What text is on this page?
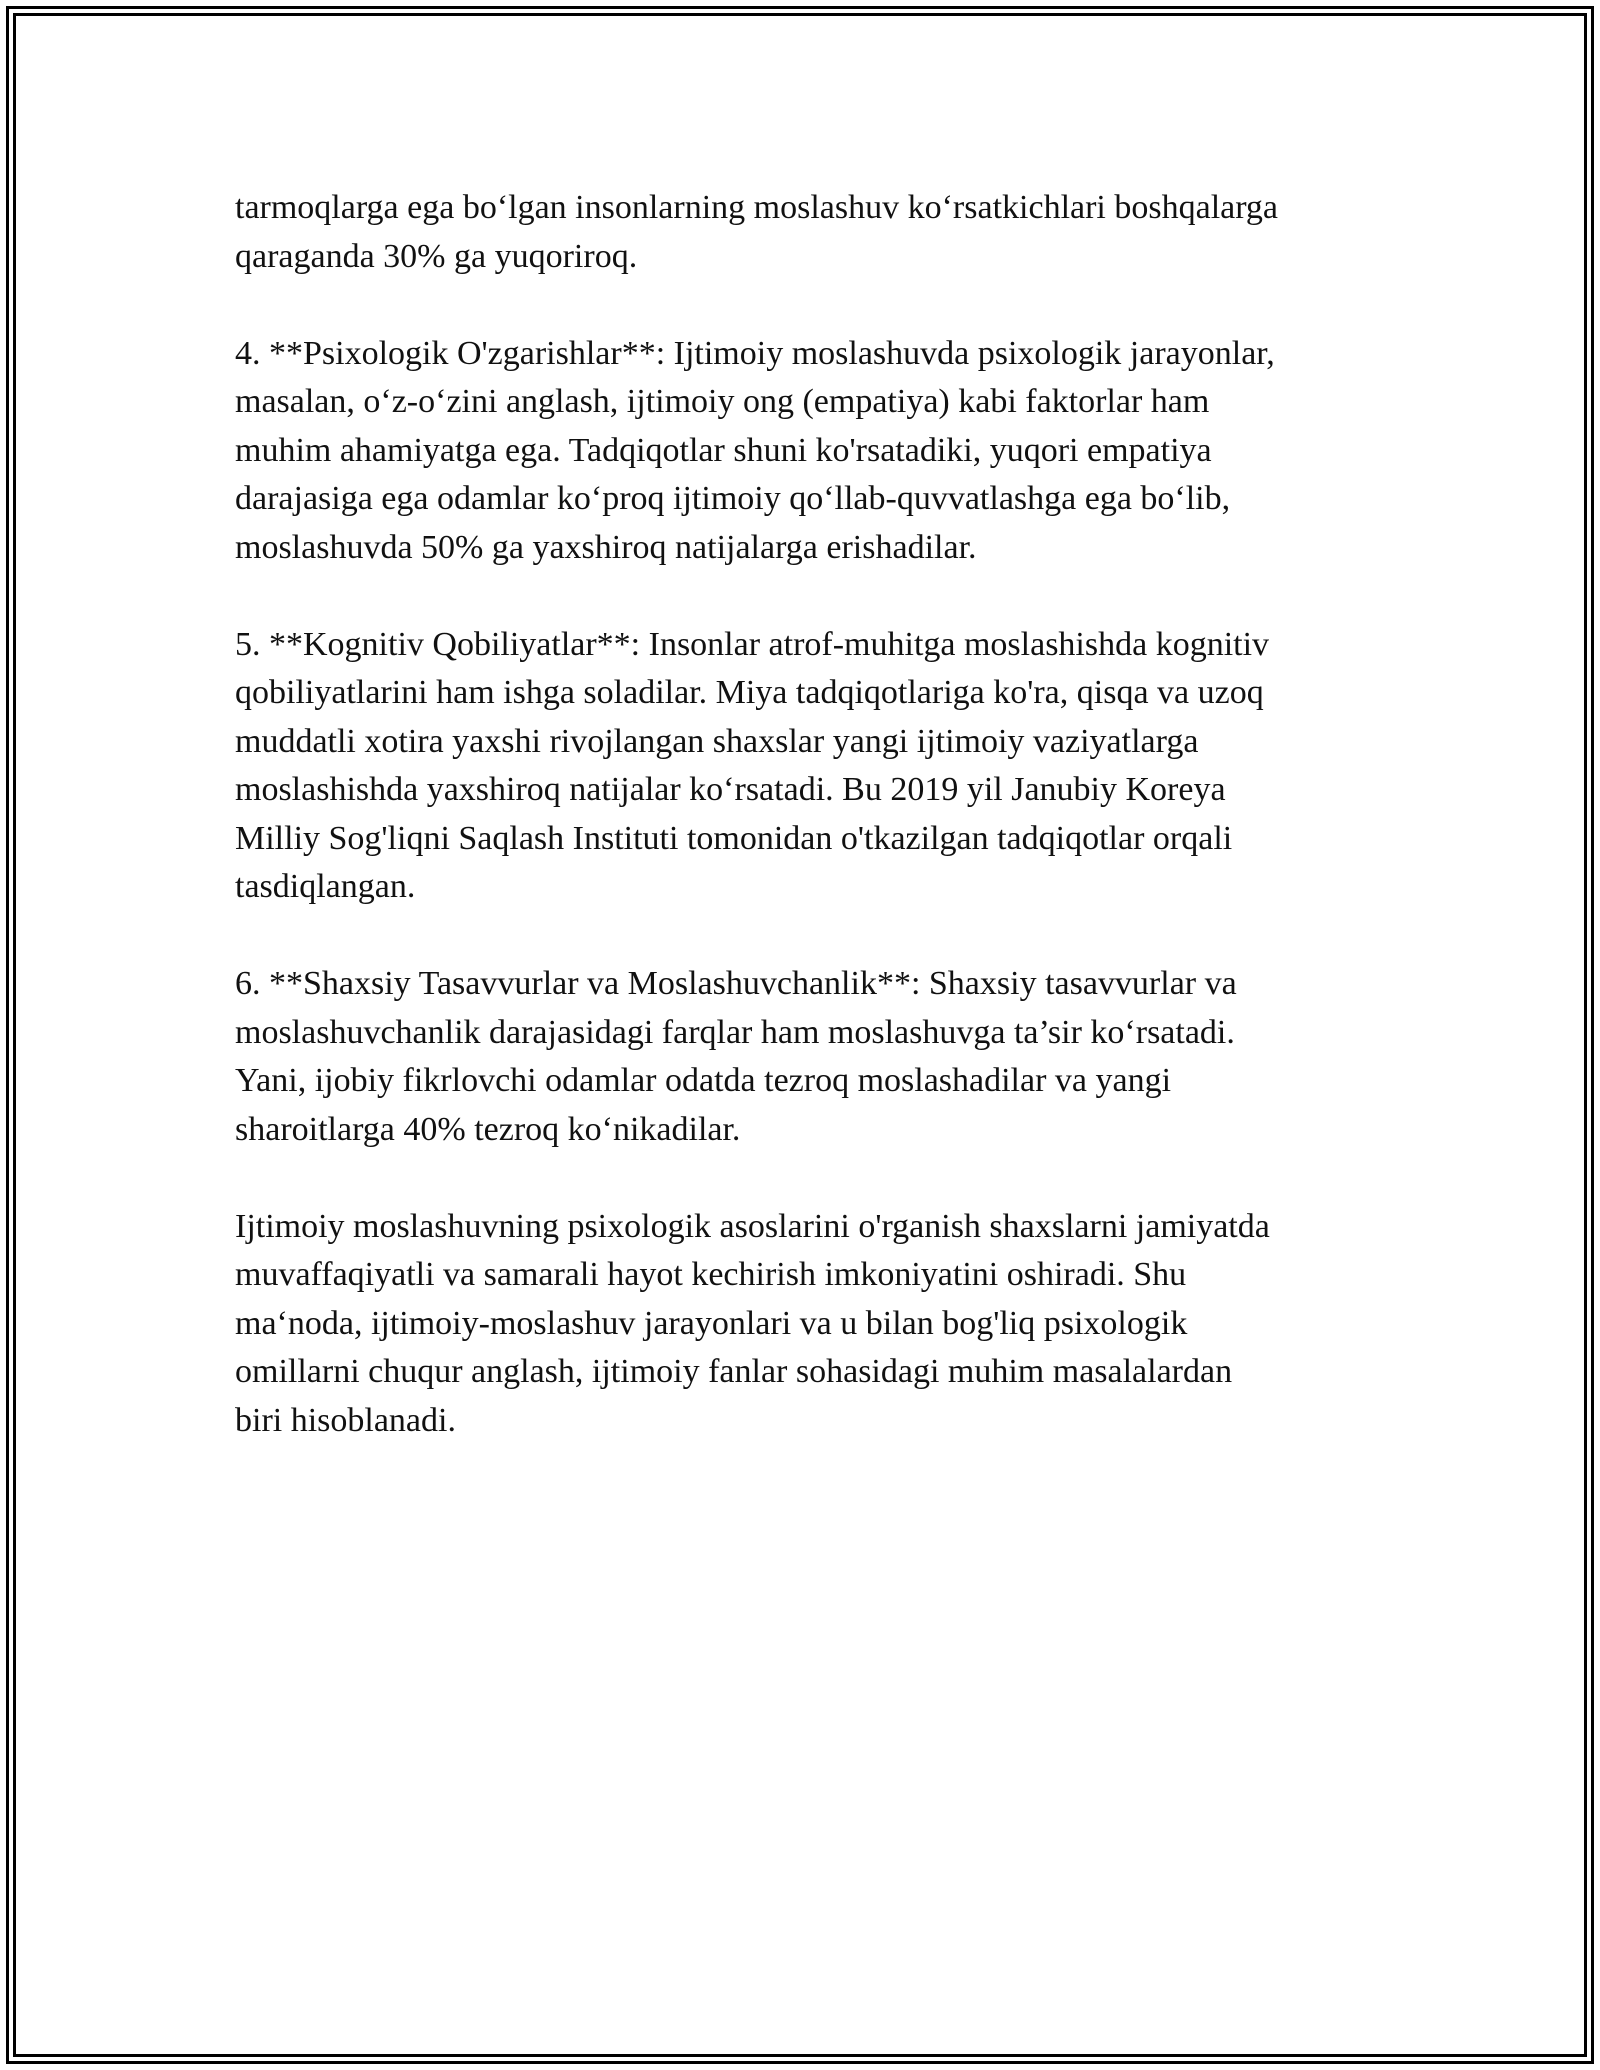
tarmoqlarga ega boʻlgan insonlarning moslashuv koʻrsatkichlari boshqalarga
qaraganda 30% ga yuqoriroq.

4. **Psixologik O'zgarishlar**: Ijtimoiy moslashuvda psixologik jarayonlar,
masalan, oʻz-oʻzini anglash, ijtimoiy ong (empatiya) kabi faktorlar ham
muhim ahamiyatga ega. Tadqiqotlar shuni ko'rsatadiki, yuqori empatiya
darajasiga ega odamlar koʻproq ijtimoiy qoʻllab-quvvatlashga ega boʻlib,
moslashuvda 50% ga yaxshiroq natijalarga erishadilar.

5. **Kognitiv Qobiliyatlar**: Insonlar atrof-muhitga moslashishda kognitiv
qobiliyatlarini ham ishga soladilar. Miya tadqiqotlariga ko'ra, qisqa va uzoq
muddatli xotira yaxshi rivojlangan shaxslar yangi ijtimoiy vaziyatlarga
moslashishda yaxshiroq natijalar koʻrsatadi. Bu 2019 yil Janubiy Koreya
Milliy Sog'liqni Saqlash Instituti tomonidan o'tkazilgan tadqiqotlar orqali
tasdiqlangan.

6. **Shaxsiy Tasavvurlar va Moslashuvchanlik**: Shaxsiy tasavvurlar va
moslashuvchanlik darajasidagi farqlar ham moslashuvga ta’sir koʻrsatadi.
Yani, ijobiy fikrlovchi odamlar odatda tezroq moslashadilar va yangi
sharoitlarga 40% tezroq koʻnikadilar.

Ijtimoiy moslashuvning psixologik asoslarini o'rganish shaxslarni jamiyatda
muvaffaqiyatli va samarali hayot kechirish imkoniyatini oshiradi. Shu
maʻnoda, ijtimoiy-moslashuv jarayonlari va u bilan bog'liq psixologik
omillarni chuqur anglash, ijtimoiy fanlar sohasidagi muhim masalalardan
biri hisoblanadi.
